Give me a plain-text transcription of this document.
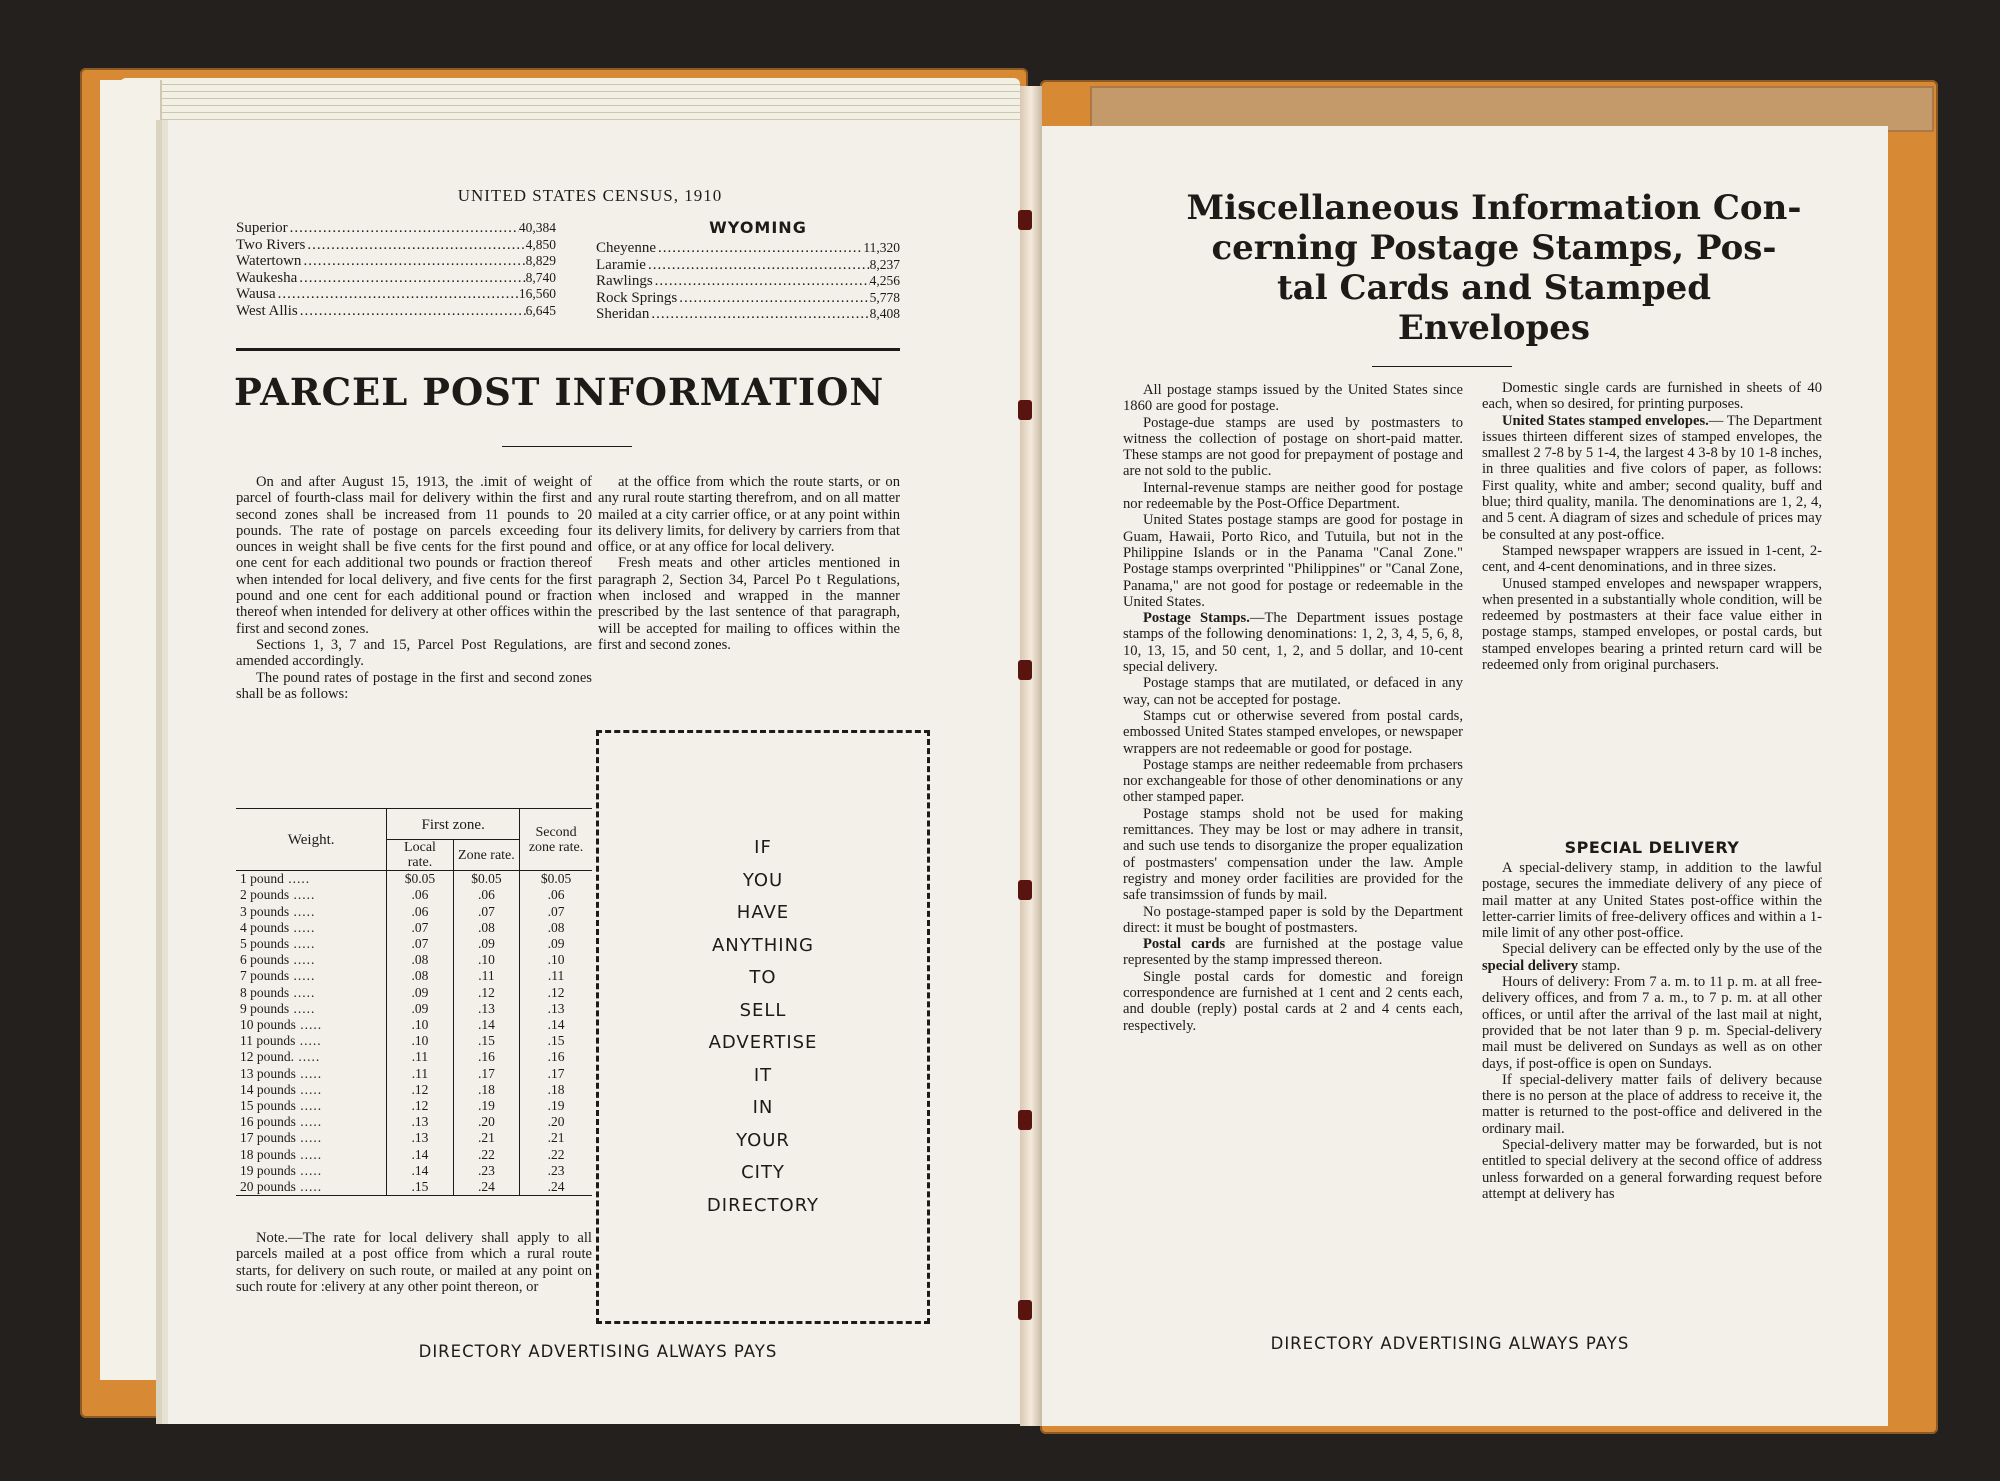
UNITED STATES CENSUS, 1910
Superior .....	40,384
Two Rivers .....	4,850
Watertown .....	8,829
Waukesha .....	8,740
Wausa .....	16,560
West Allis .....	6,645
WYOMING
Cheyenne .....	11,320
Laramie .....	8,237
Rawlings .....	4,256
Rock Springs .....	5,778
Sheridan .....	8,408
PARCEL POST INFORMATION

On and after August 15, 1913, the .imit of weight of parcel of fourth-class mail for delivery within the first and second zones shall be increased from 11 pounds to 20 pounds. The rate of postage on parcels exceeding four ounces in weight shall be five cents for the first pound and one cent for each additional two pounds or fraction thereof when intended for local delivery, and five cents for the first pound and one cent for each additional pound or fraction thereof when intended for delivery at other offices within the first and second zones.

Sections 1, 3, 7 and 15, Parcel Post Regulations, are amended accordingly.

The pound rates of postage in the first and second zones shall be as follows:

Weight.	First zone.		Second zone rate.
	Local rate.	Zone rate.	
1 pound .....	$0.05	$0.05	$0.05
2 pounds .....	.06	.06	.06
3 pounds .....	.06	.07	.07
4 pounds .....	.07	.08	.08
5 pounds .....	.07	.09	.09
6 pounds .....	.08	.10	.10
7 pounds .....	.08	.11	.11
8 pounds .....	.09	.12	.12
9 pounds .....	.09	.13	.13
10 pounds .....	.10	.14	.14
11 pounds .....	.10	.15	.15
12 pound. .....	.11	.16	.16
13 pounds .....	.11	.17	.17
14 pounds .....	.12	.18	.18
15 pounds .....	.12	.19	.19
16 pounds .....	.13	.20	.20
17 pounds .....	.13	.21	.21
18 pounds .....	.14	.22	.22
19 pounds .....	.14	.23	.23
20 pounds .....	.15	.24	.24

Note.—The rate for local delivery shall apply to all parcels mailed at a post office from which a rural route starts, for delivery on such route, or mailed at any point on such route for :elivery at any other point thereon, or

at the office from which the route starts, or on any rural route starting therefrom, and on all matter mailed at a city carrier office, or at any point within its delivery limits, for delivery by carriers from that office, or at any office for local delivery.

Fresh meats and other articles mentioned in paragraph 2, Section 34, Parcel Po t Regulations, when inclosed and wrapped in the manner prescribed by the last sentence of that paragraph, will be accepted for mailing to offices within the first and second zones.

IF
YOU
HAVE
ANYTHING
TO
SELL
ADVERTISE
IT
IN
YOUR
CITY
DIRECTORY
DIRECTORY ADVERTISING ALWAYS PAYS
Miscellaneous Information Con-
cerning Postage Stamps, Pos-
tal Cards and Stamped
Envelopes

All postage stamps issued by the United States since 1860 are good for postage.

Postage-due stamps are used by postmasters to witness the collection of postage on short-paid matter. These stamps are not good for prepayment of postage and are not sold to the public.

Internal-revenue stamps are neither good for postage nor redeemable by the Post-Office Department.

United States postage stamps are good for postage in Guam, Hawaii, Porto Rico, and Tutuila, but not in the Philippine Islands or in the Panama "Canal Zone." Postage stamps overprinted "Philippines" or "Canal Zone, Panama," are not good for postage or redeemable in the United States.

Postage Stamps.—The Department issues postage stamps of the following denominations: 1, 2, 3, 4, 5, 6, 8, 10, 13, 15, and 50 cent, 1, 2, and 5 dollar, and 10-cent special delivery.

Postage stamps that are mutilated, or defaced in any way, can not be accepted for postage.

Stamps cut or otherwise severed from postal cards, embossed United States stamped envelopes, or newspaper wrappers are not redeemable or good for postage.

Postage stamps are neither redeemable from prchasers nor exchangeable for those of other denominations or any other stamped paper.

Postage stamps shold not be used for making remittances. They may be lost or may adhere in transit, and such use tends to disorganize the proper equalization of postmasters' compensation under the law. Ample registry and money order facilities are provided for the safe transimssion of funds by mail.

No postage-stamped paper is sold by the Department direct: it must be bought of postmasters.

Postal cards are furnished at the postage value represented by the stamp impressed thereon.

Single postal cards for domestic and foreign correspondence are furnished at 1 cent and 2 cents each, and double (reply) postal cards at 2 and 4 cents each, respectively.

Domestic single cards are furnished in sheets of 40 each, when so desired, for printing purposes.

United States stamped envelopes.— The Department issues thirteen different sizes of stamped envelopes, the smallest 2 7-8 by 5 1-4, the largest 4 3-8 by 10 1-8 inches, in three qualities and five colors of paper, as follows: First quality, white and amber; second quality, buff and blue; third quality, manila. The denominations are 1, 2, 4, and 5 cent. A diagram of sizes and schedule of prices may be consulted at any post-office.

Stamped newspaper wrappers are issued in 1-cent, 2-cent, and 4-cent denominations, and in three sizes.

Unused stamped envelopes and newspaper wrappers, when presented in a substantially whole condition, will be redeemed by postmasters at their face value either in postage stamps, stamped envelopes, or postal cards, but stamped envelopes bearing a printed return card will be redeemed only from original purchasers.

SPECIAL DELIVERY

A special-delivery stamp, in addition to the lawful postage, secures the immediate delivery of any piece of mail matter at any United States post-office within the letter-carrier limits of free-delivery offices and within a 1-mile limit of any other post-office.

Special delivery can be effected only by the use of the special delivery stamp.

Hours of delivery: From 7 a. m. to 11 p. m. at all free-delivery offices, and from 7 a. m., to 7 p. m. at all other offices, or until after the arrival of the last mail at night, provided that be not later than 9 p. m. Special-delivery mail must be delivered on Sundays as well as on other days, if post-office is open on Sundays.

If special-delivery matter fails of delivery because there is no person at the place of address to receive it, the matter is returned to the post-office and delivered in the ordinary mail.

Special-delivery matter may be forwarded, but is not entitled to special delivery at the second office of address unless forwarded on a general forwarding request before attempt at delivery has

DIRECTORY ADVERTISING ALWAYS PAYS
